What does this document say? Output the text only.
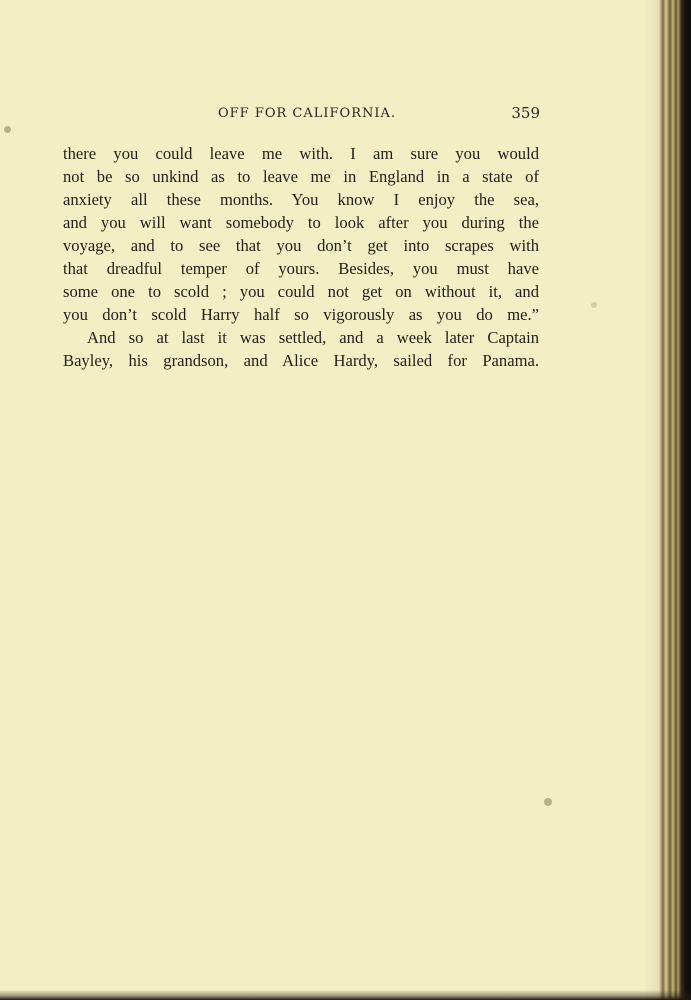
OFF FOR CALIFORNIA.	359
there you could leave me with. I am sure you would
not be so unkind as to leave me in England in a state of
anxiety all these months. You know I enjoy the sea,
and you will want somebody to look after you during the
voyage, and to see that you don’t get into scrapes with
that dreadful temper of yours. Besides, you must have
some one to scold ; you could not get on without it, and
you don’t scold Harry half so vigorously as you do me.”
And so at last it was settled, and a week later Captain
Bayley, his grandson, and Alice Hardy, sailed for Panama.
